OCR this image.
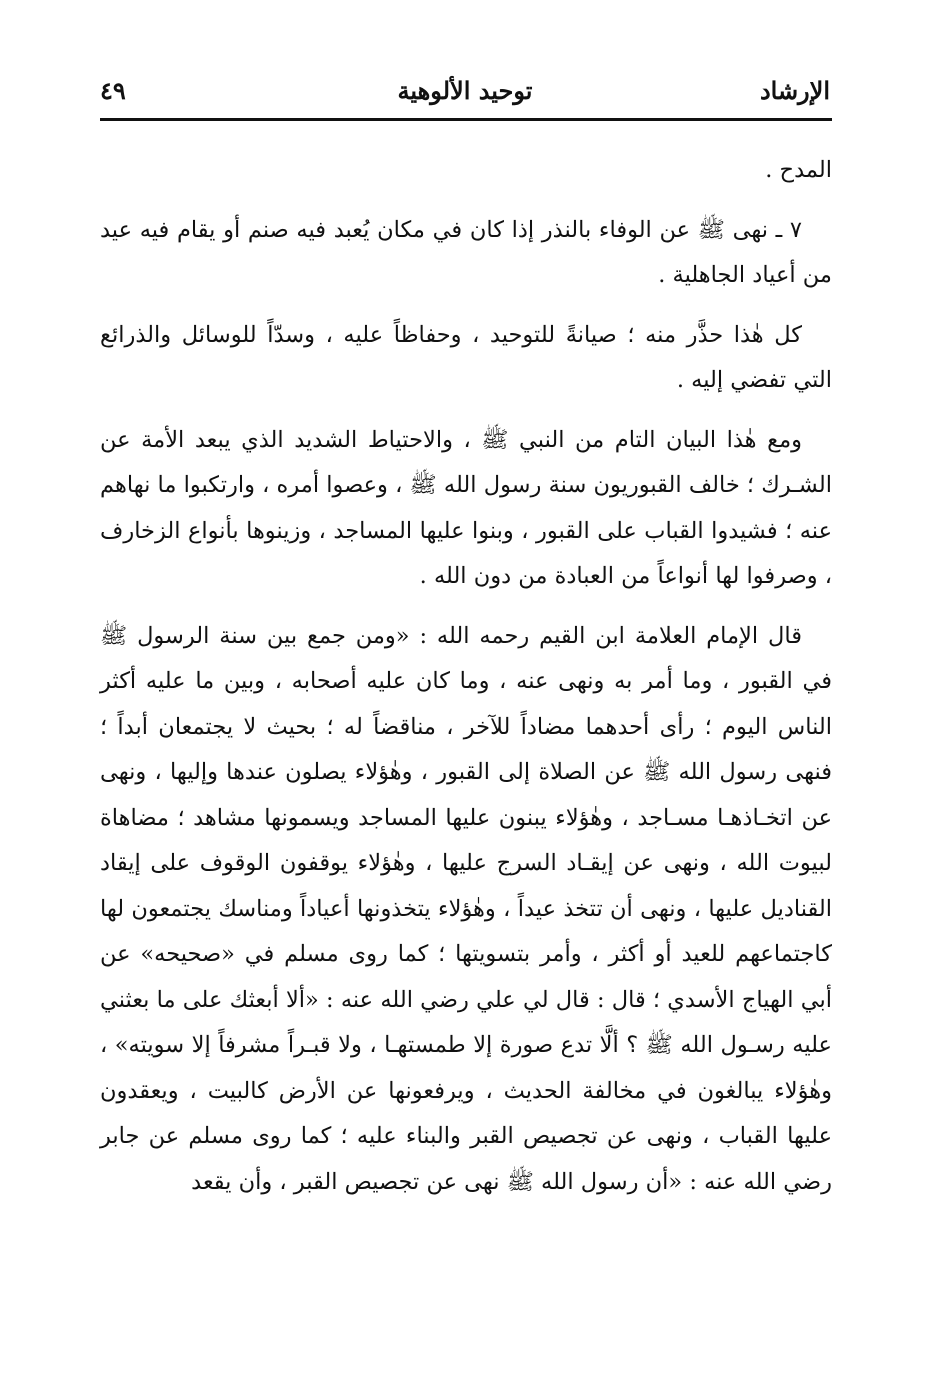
الإرشاد
توحيد الألوهية
٤٩

المدح .

٧ ـ نهى ﷺ عن الوفاء بالنذر إذا كان في مكان يُعبد فيه صنم أو يقام فيه عيد من أعياد الجاهلية .

كل هٰذا حذَّر منه ؛ صيانةً للتوحيد ، وحفاظاً عليه ، وسدّاً للوسائل والذرائع التي تفضي إليه .

ومع هٰذا البيان التام من النبي ﷺ ، والاحتياط الشديد الذي يبعد الأمة عن الشـرك ؛ خالف القبوريون سنة رسول الله ﷺ ، وعصوا أمره ، وارتكبوا ما نهاهم عنه ؛ فشيدوا القباب على القبور ، وبنوا عليها المساجد ، وزينوها بأنواع الزخارف ، وصرفوا لها أنواعاً من العبادة من دون الله .

قال الإمام العلامة ابن القيم رحمه الله : «ومن جمع بين سنة الرسول ﷺ في القبور ، وما أمر به ونهى عنه ، وما كان عليه أصحابه ، وبين ما عليه أكثر الناس اليوم ؛ رأى أحدهما مضاداً للآخر ، مناقضاً له ؛ بحيث لا يجتمعان أبداً ؛ فنهى رسول الله ﷺ عن الصلاة إلى القبور ، وهٰؤلاء يصلون عندها وإليها ، ونهى عن اتخـاذهـا مسـاجد ، وهٰؤلاء يبنون عليها المساجد ويسمونها مشاهد ؛ مضاهاة لبيوت الله ، ونهى عن إيقـاد السرج عليها ، وهٰؤلاء يوقفون الوقوف على إيقاد القناديل عليها ، ونهى أن تتخذ عيداً ، وهٰؤلاء يتخذونها أعياداً ومناسك يجتمعون لها كاجتماعهم للعيد أو أكثر ، وأمر بتسويتها ؛ كما روى مسلم في «صحيحه» عن أبي الهياج الأسدي ؛ قال : قال لي علي رضي الله عنه : «ألا أبعثك على ما بعثني عليه رسـول الله ﷺ ؟ ألَّا تدع صورة إلا طمستهـا ، ولا قبـراً مشرفاً إلا سويته» ، وهٰؤلاء يبالغون في مخالفة الحديث ، ويرفعونها عن الأرض كالبيت ، ويعقدون عليها القباب ، ونهى عن تجصيص القبر والبناء عليه ؛ كما روى مسلم عن جابر رضي الله عنه : «أن رسول الله ﷺ نهى عن تجصيص القبر ، وأن يقعد
